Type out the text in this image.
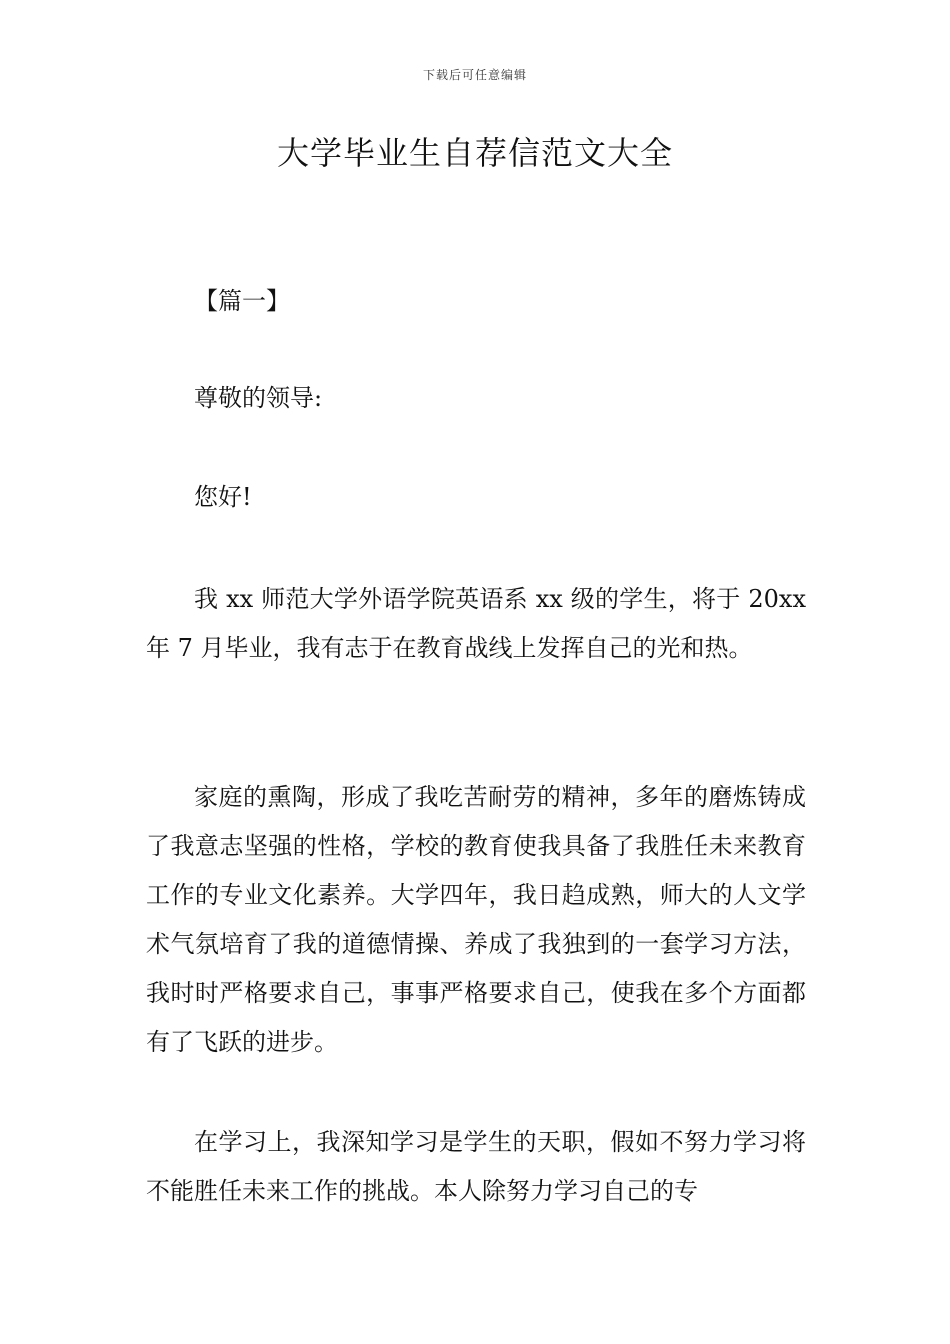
下载后可任意编辑
大学毕业生自荐信范文大全

【篇一】

尊敬的领导:

您好!

我 xx 师范大学外语学院英语系 xx 级的学生，将于 20xx 年 7 月毕业，我有志于在教育战线上发挥自己的光和热。

家庭的熏陶，形成了我吃苦耐劳的精神，多年的磨炼铸成了我意志坚强的性格，学校的教育使我具备了我胜任未来教育工作的专业文化素养。大学四年，我日趋成熟，师大的人文学术气氛培育了我的道德情操、养成了我独到的一套学习方法，我时时严格要求自己，事事严格要求自己，使我在多个方面都有了飞跃的进步。

在学习上，我深知学习是学生的天职，假如不努力学习将不能胜任未来工作的挑战。本人除努力学习自己的专
